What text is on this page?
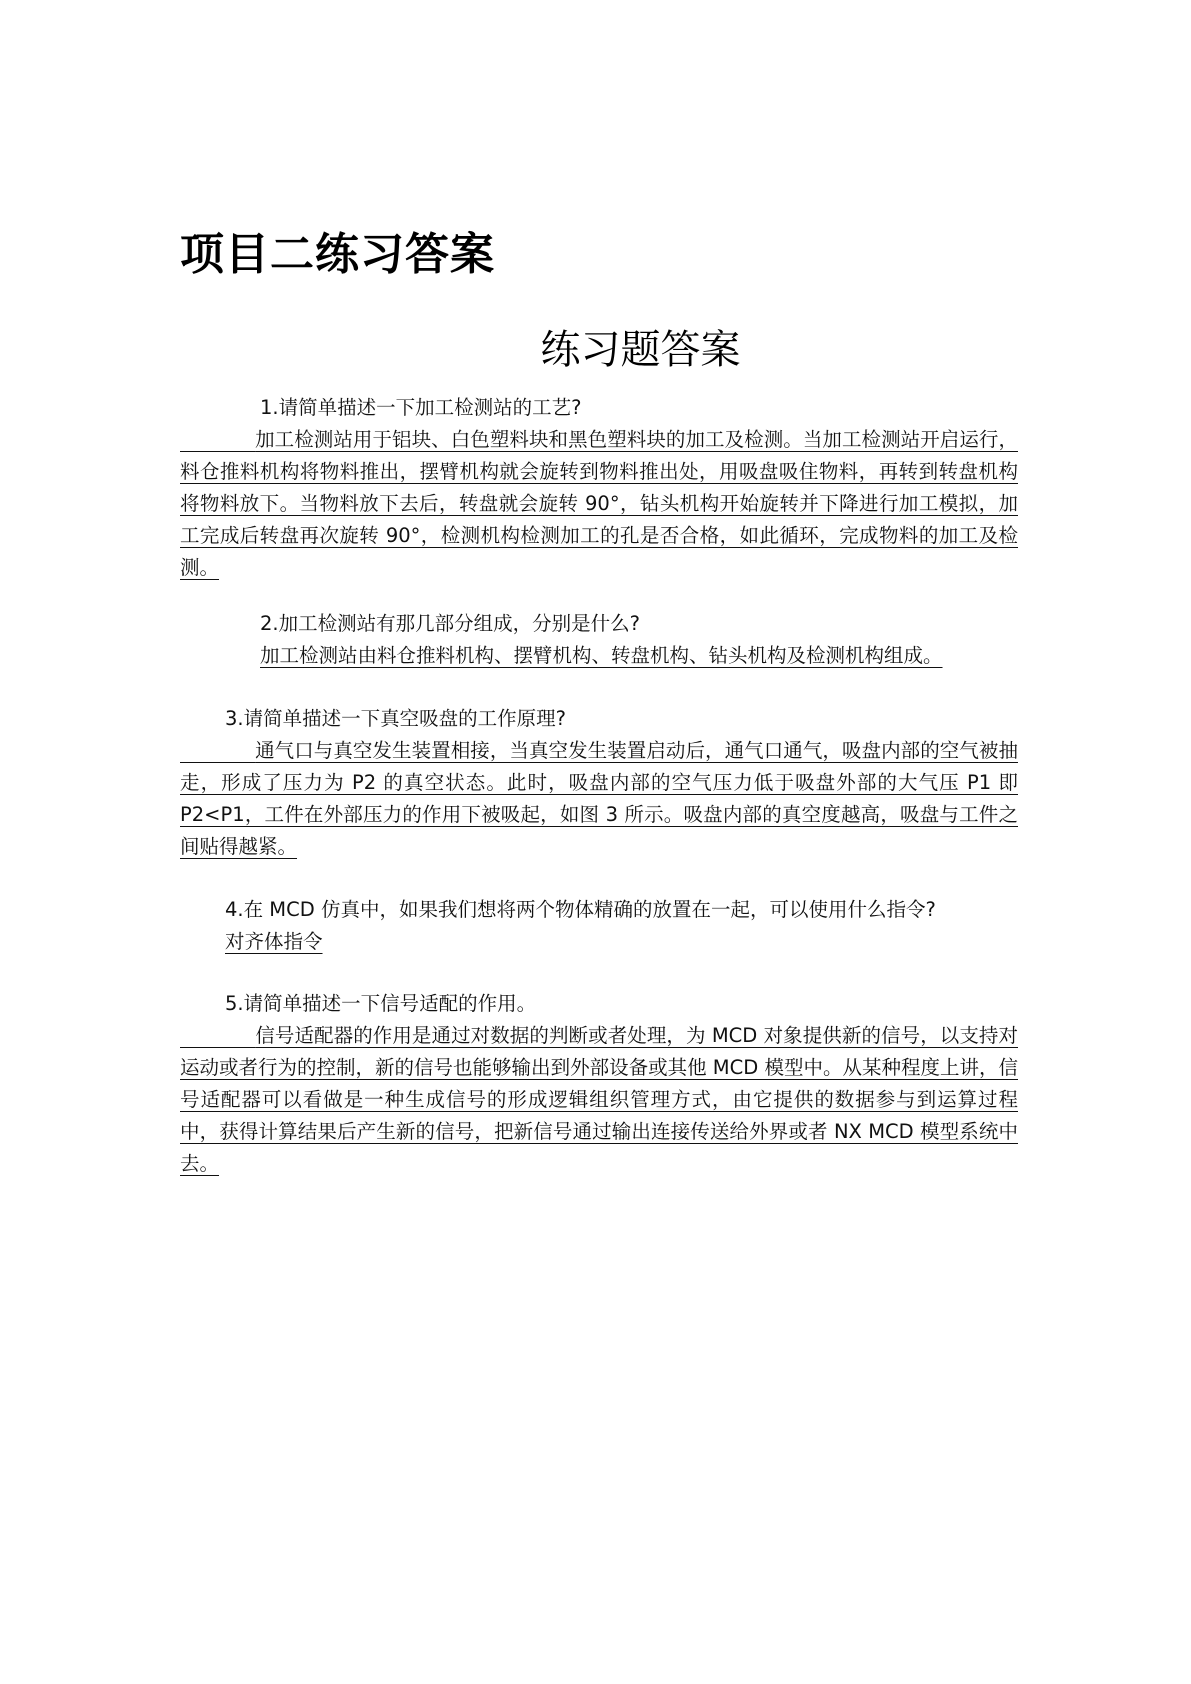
项目二练习答案
练习题答案

1.请简单描述一下加工检测站的工艺?

加工检测站用于铝块、白色塑料块和黑色塑料块的加工及检测。当加工检测站开启运行，料仓推料机构将物料推出，摆臂机构就会旋转到物料推出处，用吸盘吸住物料，再转到转盘机构将物料放下。当物料放下去后，转盘就会旋转 90°，钻头机构开始旋转并下降进行加工模拟，加工完成后转盘再次旋转 90°，检测机构检测加工的孔是否合格，如此循环，完成物料的加工及检测。

2.加工检测站有那几部分组成，分别是什么?

加工检测站由料仓推料机构、摆臂机构、转盘机构、钻头机构及检测机构组成。

3.请简单描述一下真空吸盘的工作原理?

通气口与真空发生装置相接，当真空发生装置启动后，通气口通气，吸盘内部的空气被抽走，形成了压力为 P2 的真空状态。此时，吸盘内部的空气压力低于吸盘外部的大气压 P1 即 P2<P1，工件在外部压力的作用下被吸起，如图 3 所示。吸盘内部的真空度越高，吸盘与工件之间贴得越紧。

4.在 MCD 仿真中，如果我们想将两个物体精确的放置在一起，可以使用什么指令?

对齐体指令

5.请简单描述一下信号适配的作用。

信号适配器的作用是通过对数据的判断或者处理，为 MCD 对象提供新的信号，以支持对运动或者行为的控制，新的信号也能够输出到外部设备或其他 MCD 模型中。从某种程度上讲，信号适配器可以看做是一种生成信号的形成逻辑组织管理方式，由它提供的数据参与到运算过程中，获得计算结果后产生新的信号，把新信号通过输出连接传送给外界或者 NX MCD 模型系统中去。
